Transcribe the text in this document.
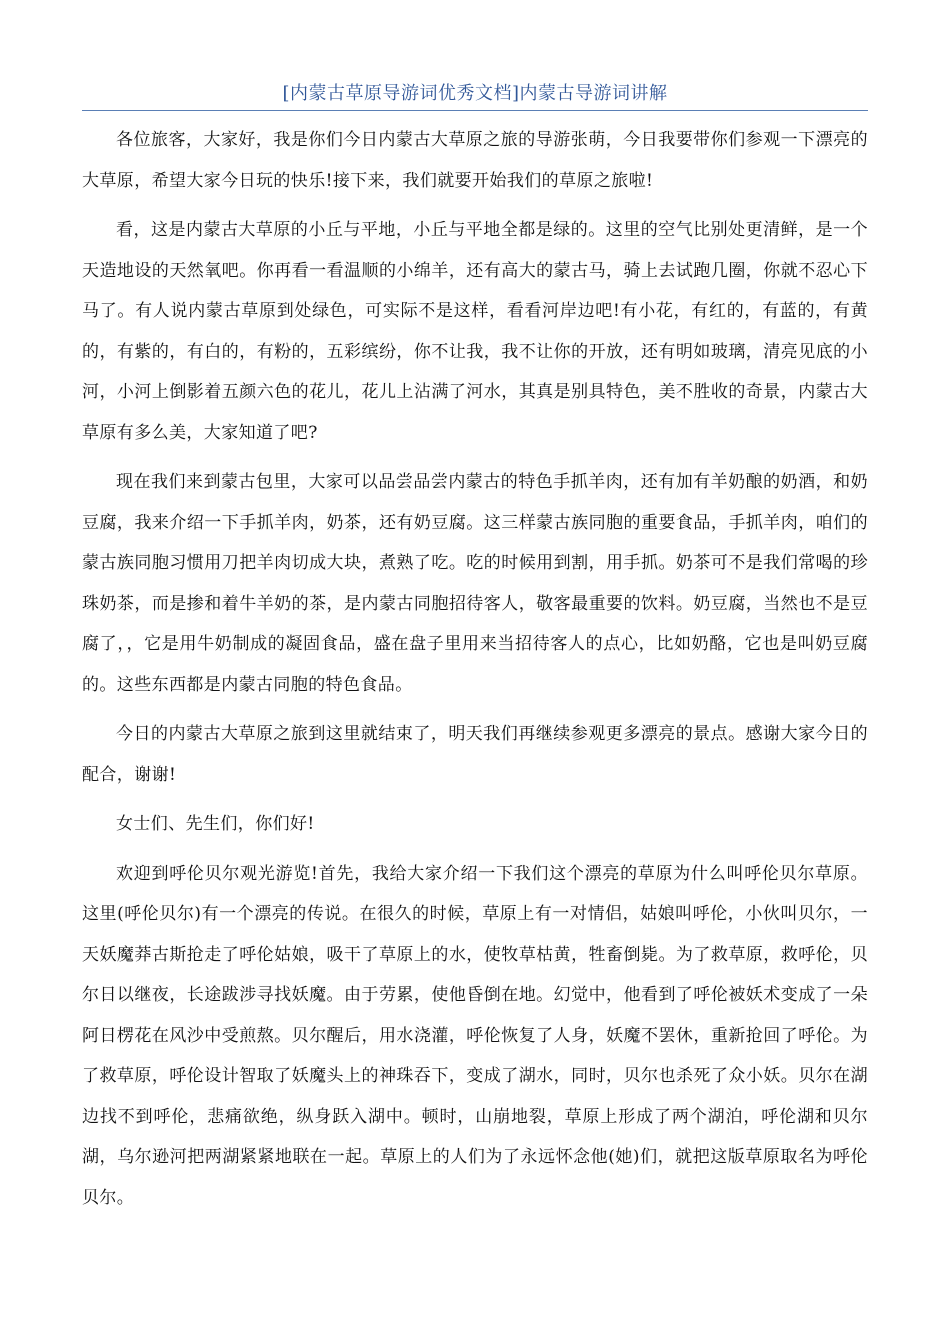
[内蒙古草原导游词优秀文档]内蒙古导游词讲解

各位旅客，大家好，我是你们今日内蒙古大草原之旅的导游张萌，今日我要带你们参观一下漂亮的大草原，希望大家今日玩的快乐!接下来，我们就要开始我们的草原之旅啦!

看，这是内蒙古大草原的小丘与平地，小丘与平地全都是绿的。这里的空气比别处更清鲜，是一个天造地设的天然氧吧。你再看一看温顺的小绵羊，还有高大的蒙古马，骑上去试跑几圈，你就不忍心下马了。有人说内蒙古草原到处绿色，可实际不是这样，看看河岸边吧!有小花，有红的，有蓝的，有黄的，有紫的，有白的，有粉的，五彩缤纷，你不让我，我不让你的开放，还有明如玻璃，清亮见底的小河，小河上倒影着五颜六色的花儿，花儿上沾满了河水，其真是别具特色，美不胜收的奇景，内蒙古大草原有多么美，大家知道了吧?

现在我们来到蒙古包里，大家可以品尝品尝内蒙古的特色手抓羊肉，还有加有羊奶酿的奶酒，和奶豆腐，我来介绍一下手抓羊肉，奶茶，还有奶豆腐。这三样蒙古族同胞的重要食品，手抓羊肉，咱们的蒙古族同胞习惯用刀把羊肉切成大块，煮熟了吃。吃的时候用到割，用手抓。奶茶可不是我们常喝的珍珠奶茶，而是掺和着牛羊奶的茶，是内蒙古同胞招待客人，敬客最重要的饮料。奶豆腐，当然也不是豆腐了，，它是用牛奶制成的凝固食品，盛在盘子里用来当招待客人的点心，比如奶酪，它也是叫奶豆腐的。这些东西都是内蒙古同胞的特色食品。

今日的内蒙古大草原之旅到这里就结束了，明天我们再继续参观更多漂亮的景点。感谢大家今日的配合，谢谢!

女士们、先生们，你们好!

欢迎到呼伦贝尔观光游览!首先，我给大家介绍一下我们这个漂亮的草原为什么叫呼伦贝尔草原。这里(呼伦贝尔)有一个漂亮的传说。在很久的时候，草原上有一对情侣，姑娘叫呼伦，小伙叫贝尔，一天妖魔莽古斯抢走了呼伦姑娘，吸干了草原上的水，使牧草枯黄，牲畜倒毙。为了救草原，救呼伦，贝尔日以继夜，长途跋涉寻找妖魔。由于劳累，使他昏倒在地。幻觉中，他看到了呼伦被妖术变成了一朵阿日楞花在风沙中受煎熬。贝尔醒后，用水浇灌，呼伦恢复了人身，妖魔不罢休，重新抢回了呼伦。为了救草原，呼伦设计智取了妖魔头上的神珠吞下，变成了湖水，同时，贝尔也杀死了众小妖。贝尔在湖边找不到呼伦，悲痛欲绝，纵身跃入湖中。顿时，山崩地裂，草原上形成了两个湖泊，呼伦湖和贝尔湖，乌尔逊河把两湖紧紧地联在一起。草原上的人们为了永远怀念他(她)们，就把这版草原取名为呼伦贝尔。
